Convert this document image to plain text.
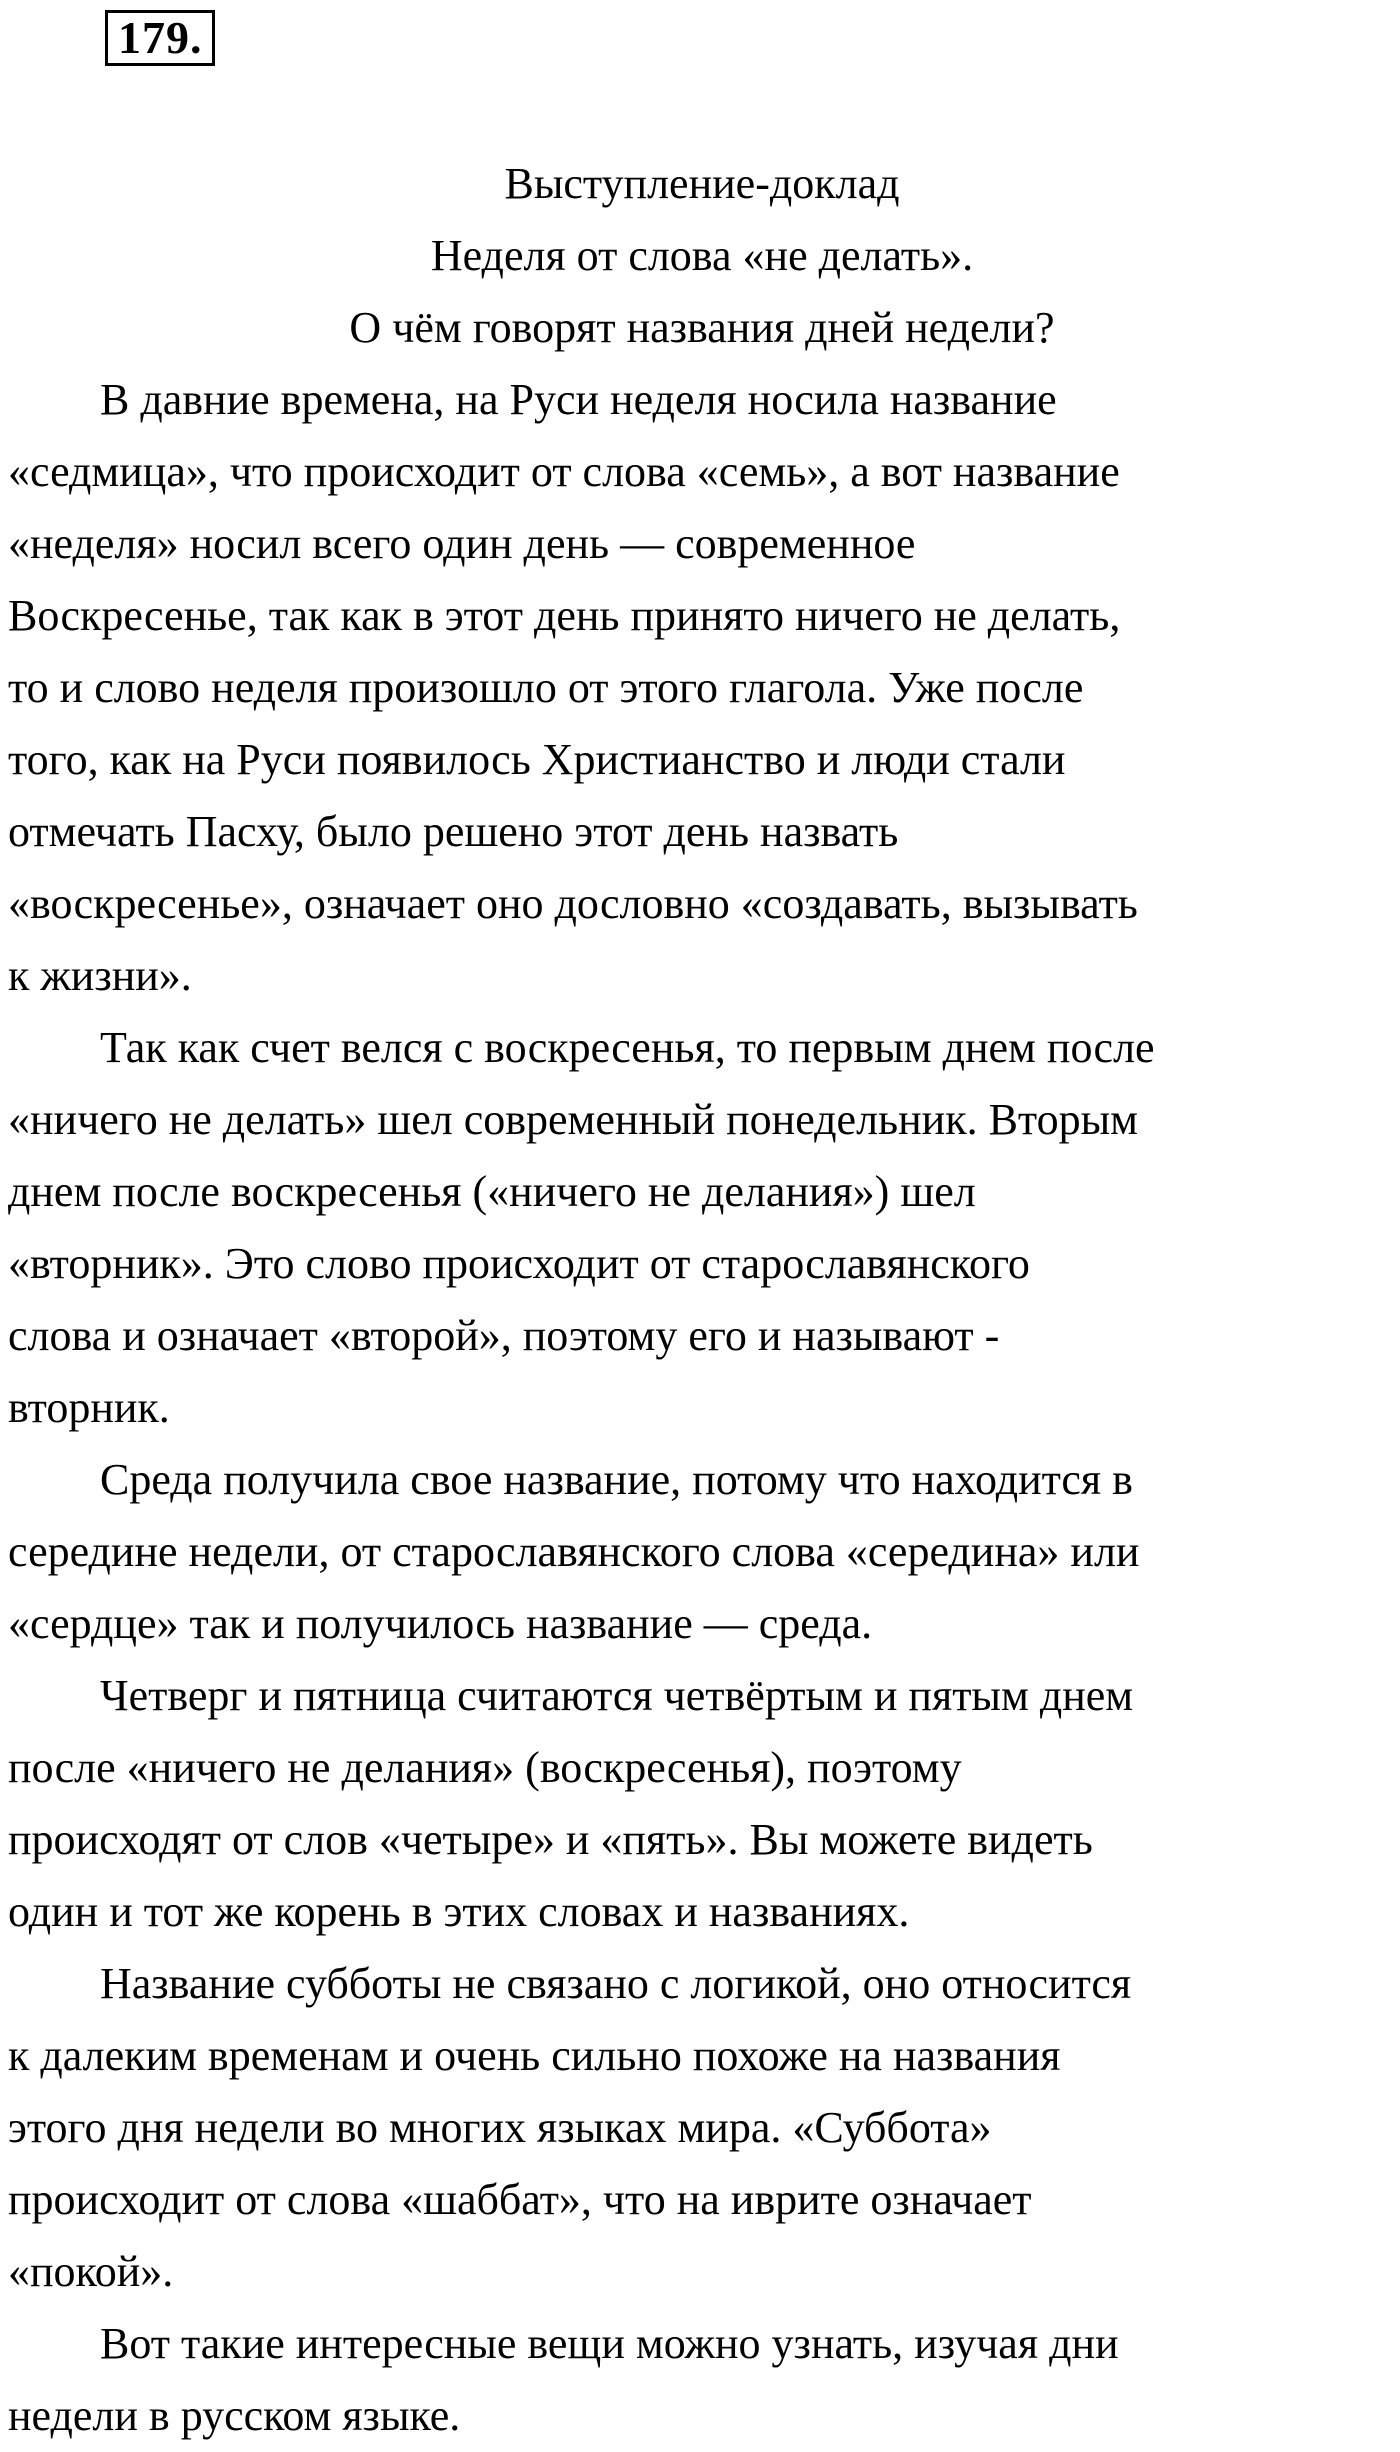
179.

Выступление-доклад

Неделя от слова «не делать».

О чём говорят названия дней недели?

В давние времена, на Руси неделя носила название
«седмица», что происходит от слова «семь», а вот название
«неделя» носил всего один день — современное
Воскресенье, так как в этот день принято ничего не делать,
то и слово неделя произошло от этого глагола. Уже после
того, как на Руси появилось Христианство и люди стали
отмечать Пасху, было решено этот день назвать
«воскресенье», означает оно дословно «создавать, вызывать
к жизни».

Так как счет велся с воскресенья, то первым днем после
«ничего не делать» шел современный понедельник. Вторым
днем после воскресенья («ничего не делания») шел
«вторник». Это слово происходит от старославянского
слова и означает «второй», поэтому его и называют -
вторник.

Среда получила свое название, потому что находится в
середине недели, от старославянского слова «середина» или
«сердце» так и получилось название — среда.

Четверг и пятница считаются четвёртым и пятым днем
после «ничего не делания» (воскресенья), поэтому
происходят от слов «четыре» и «пять». Вы можете видеть
один и тот же корень в этих словах и названиях.

Название субботы не связано с логикой, оно относится
к далеким временам и очень сильно похоже на названия
этого дня недели во многих языках мира. «Суббота»
происходит от слова «шаббат», что на иврите означает
«покой».

Вот такие интересные вещи можно узнать, изучая дни
недели в русском языке.
